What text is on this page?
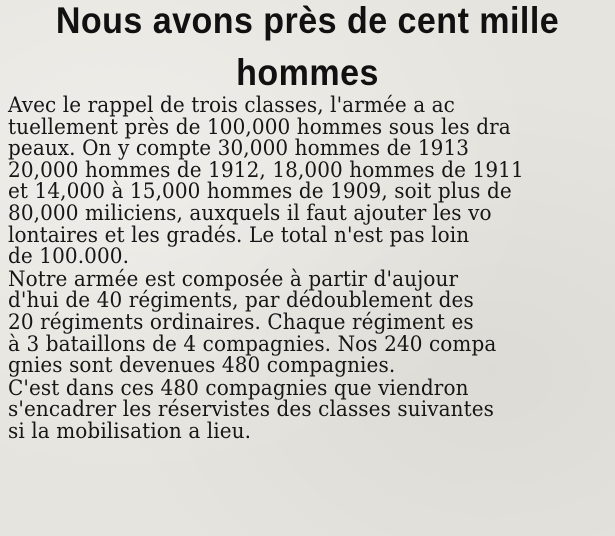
Nous avons près de cent mille
hommes
Avec le rappel de trois classes, l'armée a ac
tuellement près de 100,000 hommes sous les dra
peaux. On y compte 30,000 hommes de 1913
20,000 hommes de 1912, 18,000 hommes de 1911
et 14,000 à 15,000 hommes de 1909, soit plus de
80,000 miliciens, auxquels il faut ajouter les vo
lontaires et les gradés. Le total n'est pas loin
de 100.000.
Notre armée est composée à partir d'aujour
d'hui de 40 régiments, par dédoublement des
20 régiments ordinaires. Chaque régiment es
à 3 bataillons de 4 compagnies. Nos 240 compa
gnies sont devenues 480 compagnies.
C'est dans ces 480 compagnies que viendron
s'encadrer les réservistes des classes suivantes
si la mobilisation a lieu.
